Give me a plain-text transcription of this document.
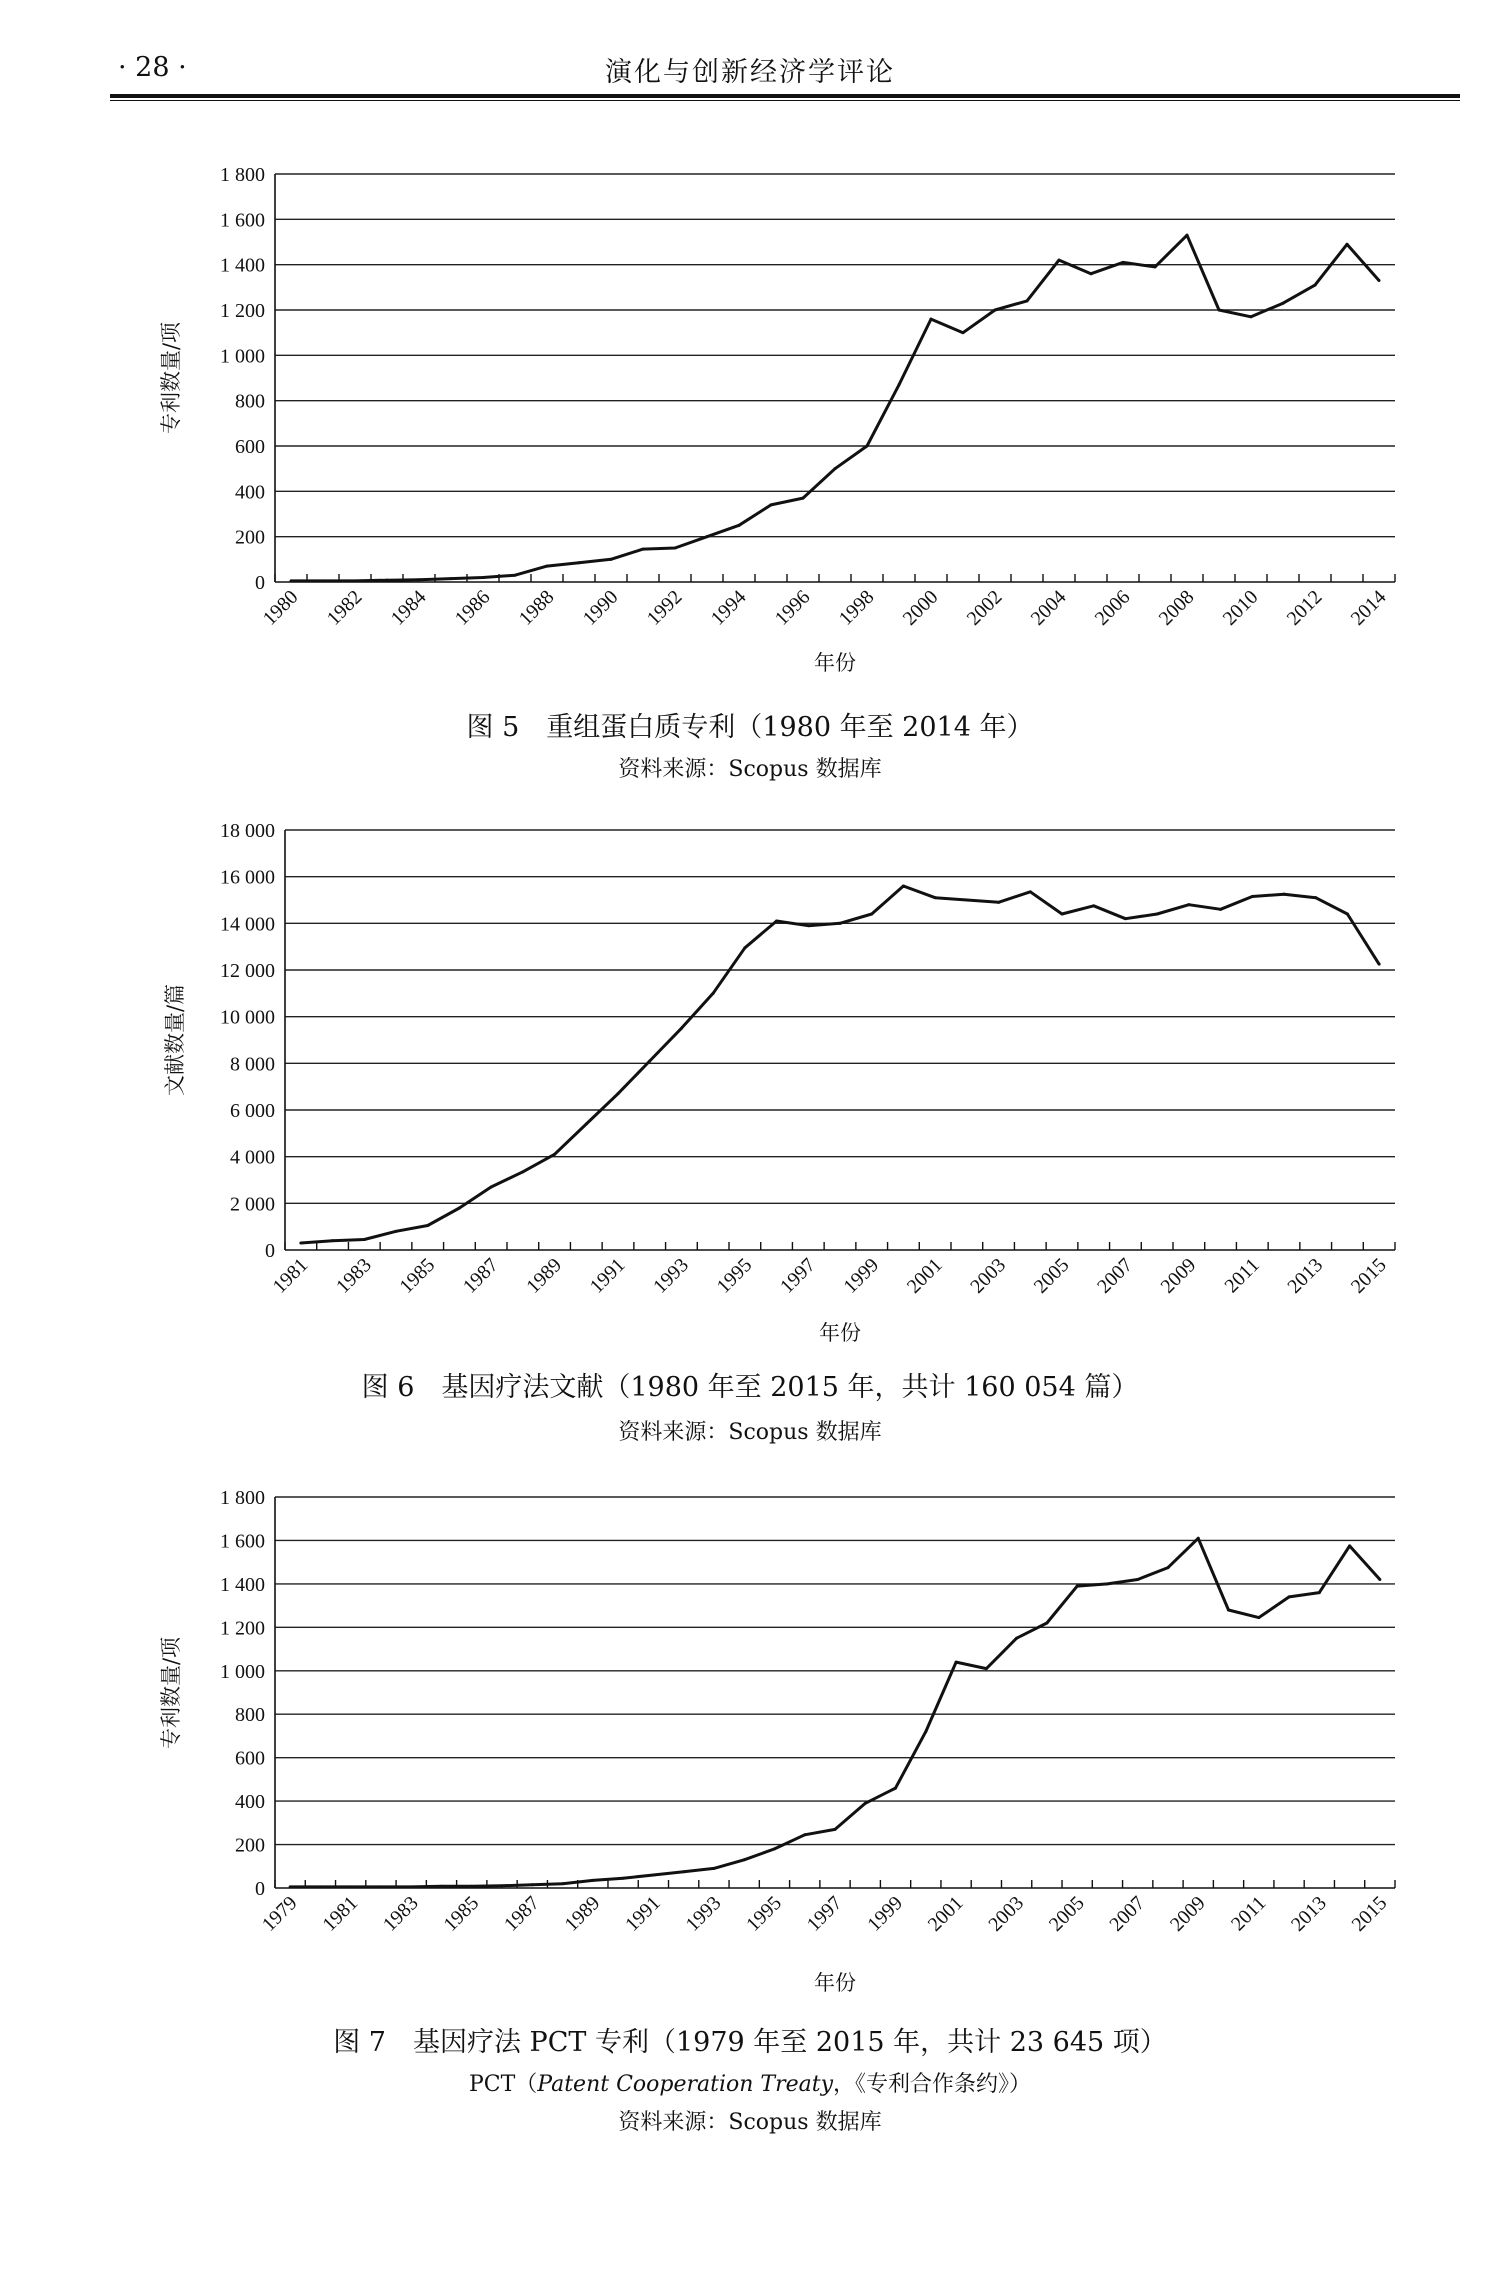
· 28 ·	演化与创新经济学评论
0
200
400
600
800
1 000
1 200
1 400
1 600
1 800
1980 1982 1984 1986 1988 1990 1992 1994 1996 1998 2000 2002 2004 2006 2008 2010 2012 2014
专利数量/项
年份
图 5　重组蛋白质专利（1980 年至 2014 年）
资料来源：Scopus 数据库
0
2 000
4 000
6 000
8 000
10 000
12 000
14 000
16 000
18 000
1981 1983 1985 1987 1989 1991 1993 1995 1997 1999 2001 2003 2005 2007 2009 2011 2013 2015
文献数量/篇
年份
图 6　基因疗法文献（1980 年至 2015 年，共计 160 054 篇）
资料来源：Scopus 数据库
0
200
400
600
800
1 000
1 200
1 400
1 600
1 800
1979 1981 1983 1985 1987 1989 1991 1993 1995 1997 1999 2001 2003 2005 2007 2009 2011 2013 2015
专利数量/项
年份
图 7　基因疗法 PCT 专利（1979 年至 2015 年，共计 23 645 项）
PCT（Patent Cooperation Treaty，《专利合作条约》）
资料来源：Scopus 数据库
